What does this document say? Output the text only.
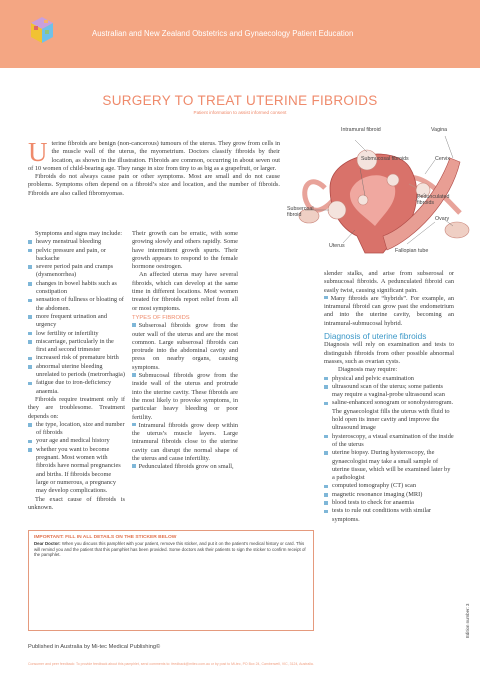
Australian and New Zealand Obstetrics and Gynaecology Patient Education
SURGERY TO TREAT UTERINE FIBROIDS
Patient information to assist informed consent

U terine fibroids are benign (non-cancerous) tumours of the uterus. They grow from cells in the muscle wall of the uterus, the myometrium. Doctors classify fibroids by their location, as shown in the illustration. Fibroids are common, occurring in about seven out of 10 women of child-bearing age. They range in size from tiny to as big as a grapefruit, or larger.

Fibroids do not always cause pain or other symptoms. Most are small and do not cause problems. Symptoms often depend on a fibroid’s size and location, and the number of fibroids. Fibroids are also called fibromyomas.

Intramural fibroid	Vagina
Submucosal fibroids	Cervix
Pedunculated fibroids
Subserosal fibroid
Ovary
Uterus
Fallopian tube

Symptoms and signs may include:

heavy menstrual bleeding
pelvic pressure and pain, or backache
severe period pain and cramps (dysmenorrhea)
changes in bowel habits such as constipation
sensation of fullness or bloating of the abdomen.
more frequent urination and urgency
low fertility or infertility
miscarriage, particularly in the first and second trimester
increased risk of premature birth
abnormal uterine bleeding unrelated to periods (metrorrhagia)
fatigue due to iron-deficiency anaemia.

Fibroids require treatment only if they are troublesome. Treatment depends on:

the type, location, size and number of fibroids
your age and medical history
whether you want to become pregnant. Most women with fibroids have normal pregnancies and births. If fibroids become large or numerous, a pregnancy may develop complications.

The exact cause of fibroids is unknown.

Their growth can be erratic, with some growing slowly and others rapidly. Some have intermittent growth spurts. Their growth appears to respond to the female hormone oestrogen.

An affected uterus may have several fibroids, which can develop at the same time in different locations. Most women treated for fibroids report relief from all or most symptoms.

TYPES OF FIBROIDS

Subserosal fibroids grow from the outer wall of the uterus and are the most common. Large subserosal fibroids can protrude into the abdominal cavity and press on nearby organs, causing symptoms.

Submucosal fibroids grow from the inside wall of the uterus and protrude into the uterine cavity. These fibroids are the most likely to provoke symptoms, in particular heavy bleeding or poor fertility.

Intramural fibroids grow deep within the uterus’s muscle layers. Large intramural fibroids close to the uterine cavity can disrupt the normal shape of the uterus and cause infertility.

Pedunculated fibroids grow on small,

slender stalks, and arise from subserosal or submucosal fibroids. A pedunculated fibroid can easily twist, causing significant pain.

Many fibroids are “hybrids”. For example, an intramural fibroid can grow past the endometrium and into the uterine cavity, becoming an intramural-submucosal hybrid.

Diagnosis of uterine fibroids

Diagnosis will rely on examination and tests to distinguish fibroids from other possible abnormal masses, such as ovarian cysts.

Diagnosis may require:

physical and pelvic examination
ultrasound scan of the uterus; some patients may require a vaginal-probe ultrasound scan
saline-enhanced sonogram or sonohysterogram. The gynaecologist fills the uterus with fluid to hold open its inner cavity and improve the ultrasound image
hysteroscopy, a visual examination of the inside of the uterus
uterine biopsy. During hysteroscopy, the gynaecologist may take a small sample of uterine tissue, which will be examined later by a pathologist
computed tomography (CT) scan
magnetic resonance imaging (MRI)
blood tests to check for anaemia
tests to rule out conditions with similar symptoms.
IMPORTANT: FILL IN ALL DETAILS ON THE STICKER BELOW
Dear Doctor: When you discuss this pamphlet with your patient, remove this sticker, and put it on the patient’s medical history or card. This will remind you and the patient that this pamphlet has been provided. Some doctors ask their patients to sign the sticker to confirm receipt of the pamphlet.
Published in Australia by Mi-tec Medical Publishing©
Consumer and peer feedback: To provide feedback about this pamphlet, send comments to: feedback@mitec.com.au or by post to Mi-tec, PO Box 24, Camberwell, VIC, 3124, Australia.
Edition number: 3
